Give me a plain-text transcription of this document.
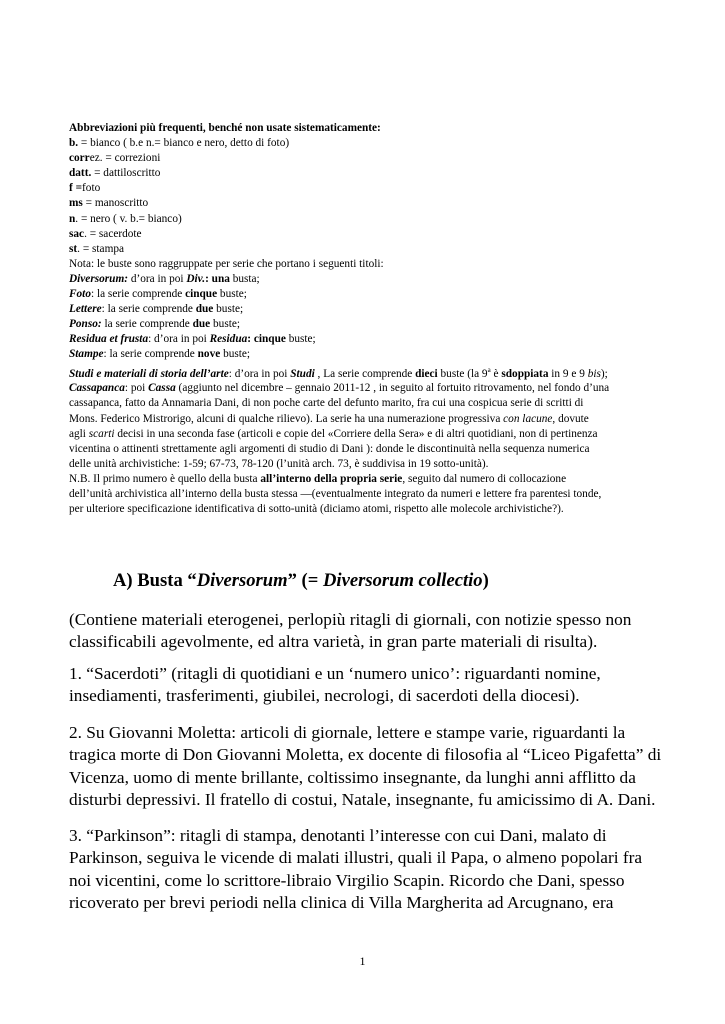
Abbreviazioni più frequenti, benché non usate sistematicamente:

b. = bianco ( b.e n.= bianco e nero, detto di foto)

correz. = correzioni

datt. = dattiloscritto

f =foto

ms = manoscritto

n. = nero ( v. b.= bianco)

sac. = sacerdote

st. = stampa

Nota: le buste sono raggruppate per serie che portano i seguenti titoli:

Diversorum: d’ora in poi Div.: una busta;

Foto: la serie comprende cinque buste;

Lettere: la serie comprende due buste;

Ponso: la serie comprende due buste;

Residua et frusta: d’ora in poi Residua: cinque buste;

Stampe: la serie comprende nove buste;

Studi e materiali di storia dell’arte: d’ora in poi Studi , La serie comprende dieci buste (la 9$^a$ è sdoppiata in 9 e 9 bis);

Cassapanca: poi Cassa (aggiunto nel dicembre – gennaio 2011-12 , in seguito al fortuito ritrovamento, nel fondo d’una

cassapanca, fatto da Annamaria Dani, di non poche carte del defunto marito, fra cui una cospicua serie di scritti di

Mons. Federico Mistrorigo, alcuni di qualche rilievo). La serie ha una numerazione progressiva con lacune, dovute

agli scarti decisi in una seconda fase (articoli e copie del «Corriere della Sera» e di altri quotidiani, non di pertinenza

vicentina o attinenti strettamente agli argomenti di studio di Dani ): donde le discontinuità nella sequenza numerica

delle unità archivistiche: 1-59; 67-73, 78-120 (l’unità arch. 73, è suddivisa in 19 sotto-unità).

N.B. Il primo numero è quello della busta all’interno della propria serie, seguito dal numero di collocazione

dell’unità archivistica all’interno della busta stessa —(eventualmente integrato da numeri e lettere fra parentesi tonde,

per ulteriore specificazione identificativa di sotto-unità (diciamo atomi, rispetto alle molecole archivistiche?).

A) Busta “Diversorum” (= Diversorum collectio)

(Contiene materiali eterogenei, perlopiù ritagli di giornali, con notizie spesso non

classificabili agevolmente, ed altra varietà, in gran parte materiali di risulta).

1. “Sacerdoti” (ritagli di quotidiani e un ‘numero unico’: riguardanti nomine,

insediamenti, trasferimenti, giubilei, necrologi, di sacerdoti della diocesi).

2. Su Giovanni Moletta: articoli di giornale, lettere e stampe varie, riguardanti la

tragica morte di Don Giovanni Moletta, ex docente di filosofia al “Liceo Pigafetta” di

Vicenza, uomo di mente brillante, coltissimo insegnante, da lunghi anni afflitto da

disturbi depressivi. Il fratello di costui, Natale, insegnante, fu amicissimo di A. Dani.

3. “Parkinson”: ritagli di stampa, denotanti l’interesse con cui Dani, malato di

Parkinson, seguiva le vicende di malati illustri, quali il Papa, o almeno popolari fra

noi vicentini, come lo scrittore-libraio Virgilio Scapin. Ricordo che Dani, spesso

ricoverato per brevi periodi nella clinica di Villa Margherita ad Arcugnano, era

1
